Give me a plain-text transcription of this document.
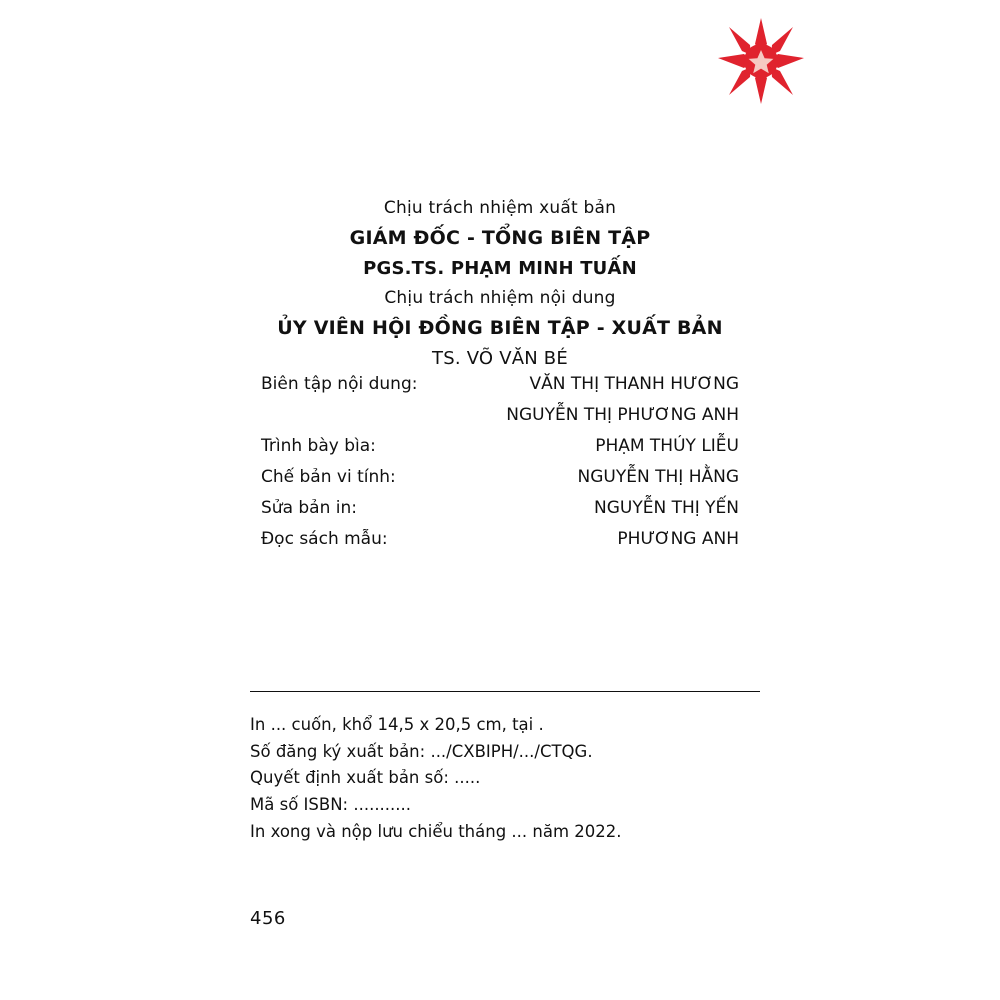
Chịu trách nhiệm xuất bản
GIÁM ĐỐC - TỔNG BIÊN TẬP
PGS.TS. PHẠM MINH TUẤN
Chịu trách nhiệm nội dung
ỦY VIÊN HỘI ĐỒNG BIÊN TẬP - XUẤT BẢN
TS. VÕ VĂN BÉ
Biên tập nội dung:	VĂN THỊ THANH HƯƠNG
	NGUYỄN THỊ PHƯƠNG ANH
Trình bày bìa:	PHẠM THÚY LIỄU
Chế bản vi tính:	NGUYỄN THỊ HẰNG
Sửa bản in:	NGUYỄN THỊ YẾN
Đọc sách mẫu:	PHƯƠNG ANH
In ... cuốn, khổ 14,5 x 20,5 cm, tại .
Số đăng ký xuất bản: .../CXBIPH/.../CTQG.
Quyết định xuất bản số: .....
Mã số ISBN: ...........
In xong và nộp lưu chiểu tháng ... năm 2022.
456
